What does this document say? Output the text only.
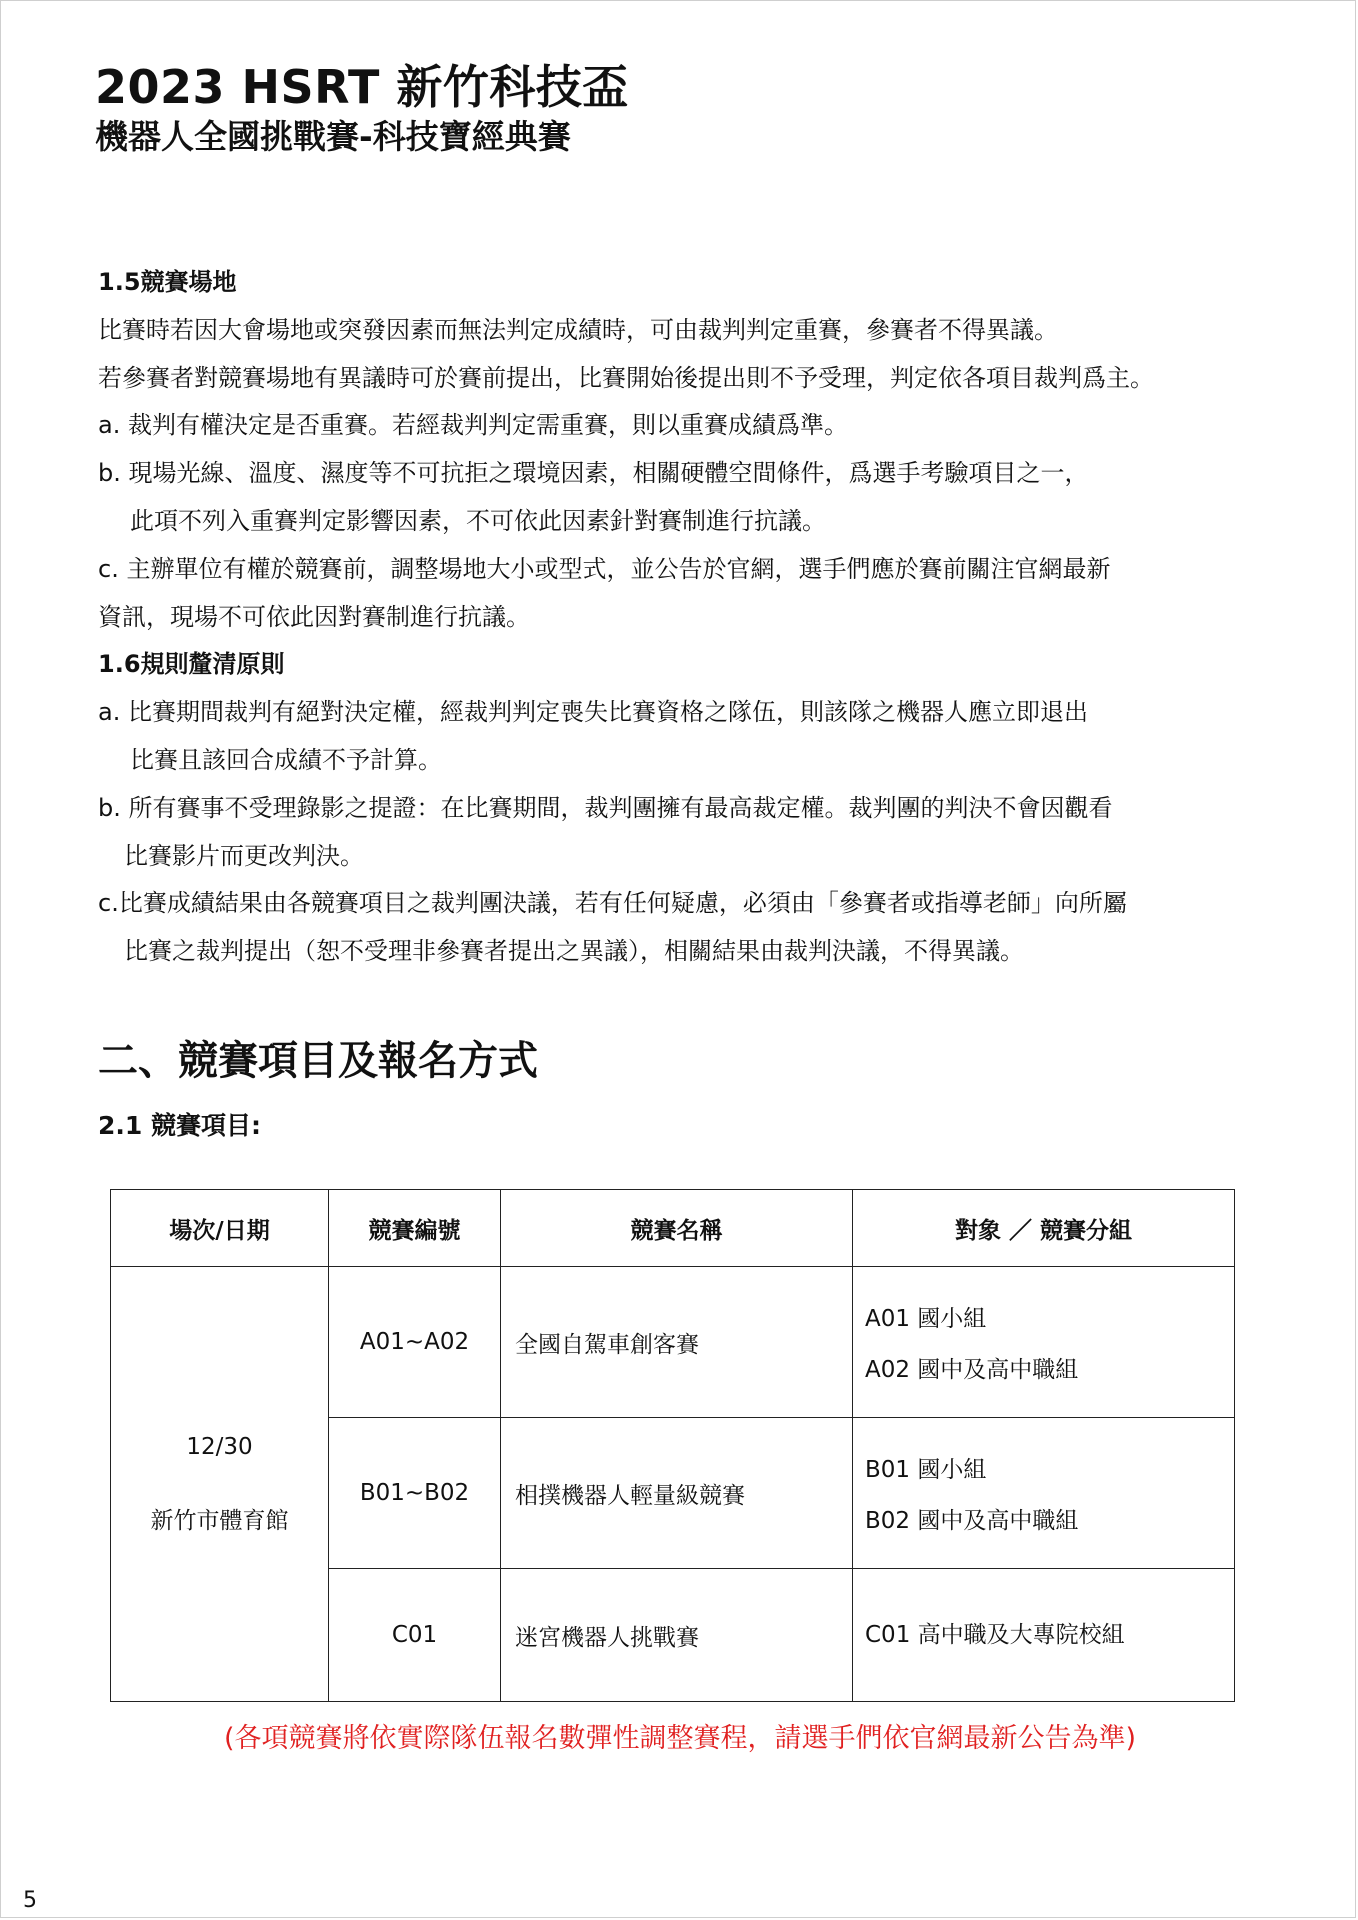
2023 HSRT 新竹科技盃
機器人全國挑戰賽-科技寶經典賽
1.5競賽場地
比賽時若因大會場地或突發因素而無法判定成績時，可由裁判判定重賽，參賽者不得異議。
若參賽者對競賽場地有異議時可於賽前提出，比賽開始後提出則不予受理，判定依各項目裁判爲主。
a. 裁判有權決定是否重賽。若經裁判判定需重賽，則以重賽成績爲準。
b. 現場光線、溫度、濕度等不可抗拒之環境因素，相關硬體空間條件，爲選手考驗項目之一，
此項不列入重賽判定影響因素，不可依此因素針對賽制進行抗議。
c. 主辦單位有權於競賽前，調整場地大小或型式，並公告於官網，選手們應於賽前關注官網最新
資訊，現場不可依此因對賽制進行抗議。
1.6規則釐清原則
a. 比賽期間裁判有絕對決定權，經裁判判定喪失比賽資格之隊伍，則該隊之機器人應立即退出
比賽且該回合成績不予計算。
b. 所有賽事不受理錄影之提證：在比賽期間，裁判團擁有最高裁定權。裁判團的判決不會因觀看
比賽影片而更改判決。
c.比賽成績結果由各競賽項目之裁判團決議，若有任何疑慮，必須由「參賽者或指導老師」向所屬
比賽之裁判提出（恕不受理非參賽者提出之異議），相關結果由裁判決議，不得異議。
二、競賽項目及報名方式
2.1 競賽項目:
場次/日期	競賽編號	競賽名稱	對象 ／ 競賽分組

12/30
新竹市體育館	A01~A02	全國自駕車創客賽	A01 國小組
A02 國中及高中職組

	B01~B02	相撲機器人輕量級競賽	B01 國小組
B02 國中及高中職組

	C01	迷宮機器人挑戰賽	C01 高中職及大專院校組
(各項競賽將依實際隊伍報名數彈性調整賽程，請選手們依官網最新公告為準)
5
